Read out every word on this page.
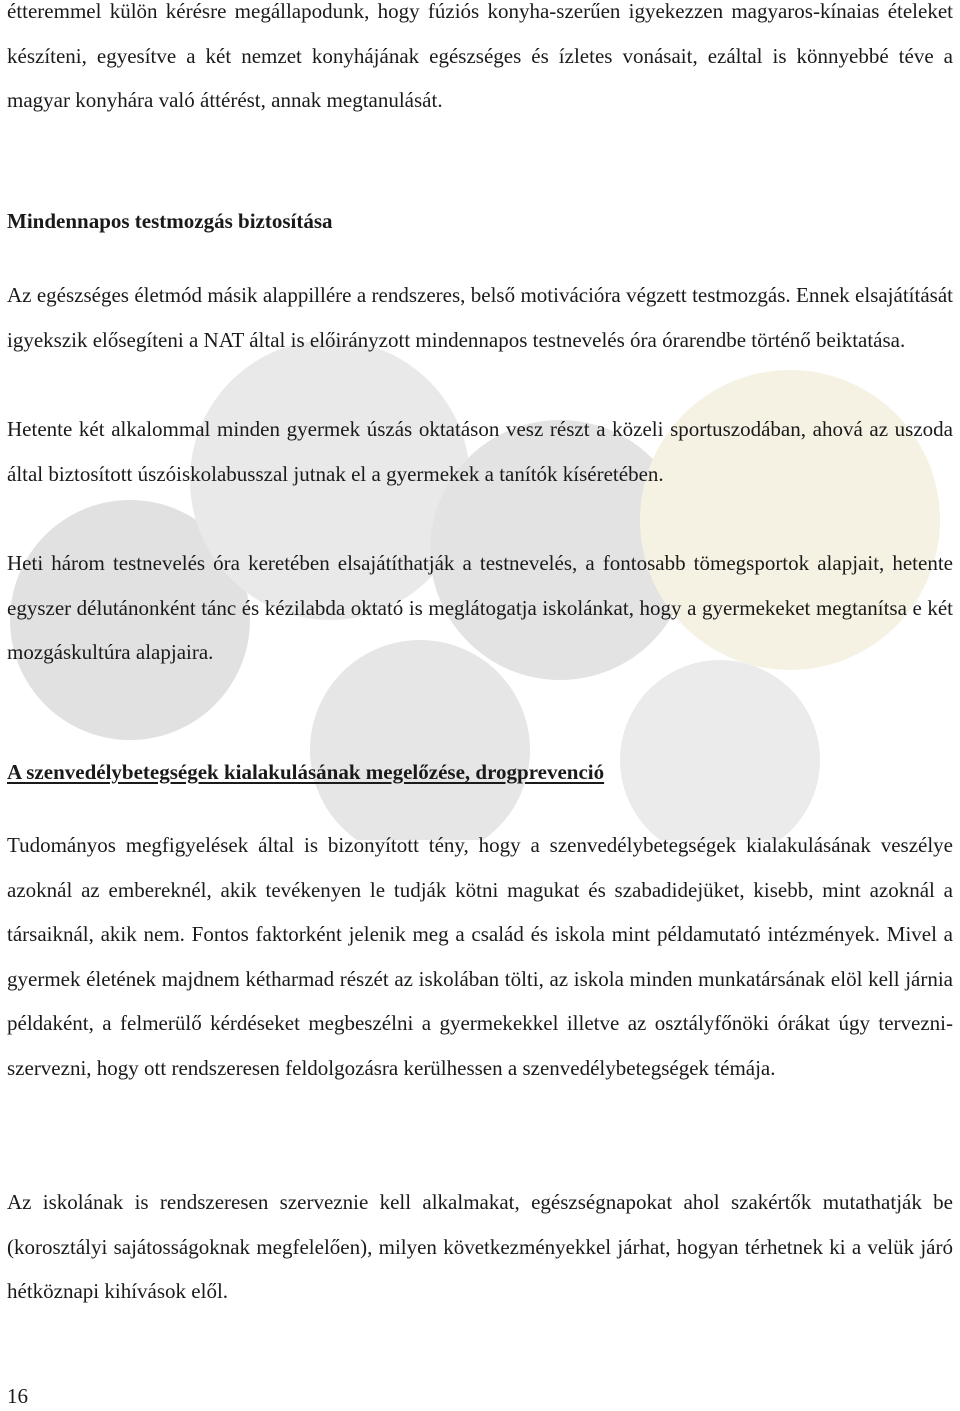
étteremmel külön kérésre megállapodunk, hogy fúziós konyha-szerűen igyekezzen magyaros-kínaias ételeket készíteni, egyesítve a két nemzet konyhájának egészséges és ízletes vonásait, ezáltal is könnyebbé téve a magyar konyhára való áttérést, annak megtanulását.

Mindennapos testmozgás biztosítása

Az egészséges életmód másik alappillére a rendszeres, belső motivációra végzett testmozgás. Ennek elsajátítását igyekszik elősegíteni a NAT által is előirányzott mindennapos testnevelés óra órarendbe történő beiktatása.

Hetente két alkalommal minden gyermek úszás oktatáson vesz részt a közeli sportuszodában, ahová az uszoda által biztosított úszóiskolabusszal jutnak el a gyermekek a tanítók kíséretében.

Heti három testnevelés óra keretében elsajátíthatják a testnevelés, a fontosabb tömegsportok alapjait, hetente egyszer délutánonként tánc és kézilabda oktató is meglátogatja iskolánkat, hogy a gyermekeket megtanítsa e két mozgáskultúra alapjaira.

A szenvedélybetegségek kialakulásának megelőzése, drogprevenció

Tudományos megfigyelések által is bizonyított tény, hogy a szenvedélybetegségek kialakulásának veszélye azoknál az embereknél, akik tevékenyen le tudják kötni magukat és szabadidejüket, kisebb, mint azoknál a társaiknál, akik nem. Fontos faktorként jelenik meg a család és iskola mint példamutató intézmények. Mivel a gyermek életének majdnem kétharmad részét az iskolában tölti, az iskola minden munkatársának elöl kell járnia példaként, a felmerülő kérdéseket megbeszélni a gyermekekkel illetve az osztályfőnöki órákat úgy tervezni-szervezni, hogy ott rendszeresen feldolgozásra kerülhessen a szenvedélybetegségek témája.

Az iskolának is rendszeresen szerveznie kell alkalmakat, egészségnapokat ahol szakértők mutathatják be (korosztályi sajátosságoknak megfelelően), milyen következményekkel járhat, hogyan térhetnek ki a velük járó hétköznapi kihívások elől.

16
